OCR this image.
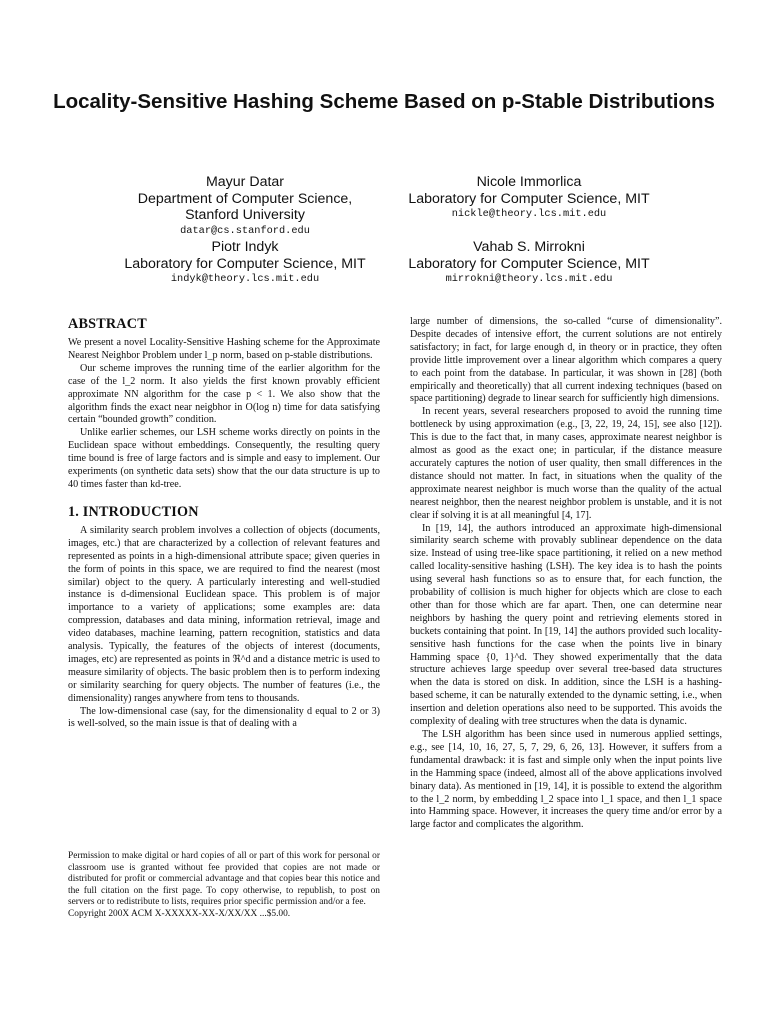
Locality-Sensitive Hashing Scheme Based on p-Stable Distributions
Mayur Datar
Department of Computer Science,
Stanford University
datar@cs.stanford.edu
Nicole Immorlica
Laboratory for Computer Science, MIT
nickle@theory.lcs.mit.edu
Piotr Indyk
Laboratory for Computer Science, MIT
indyk@theory.lcs.mit.edu
Vahab S. Mirrokni
Laboratory for Computer Science, MIT
mirrokni@theory.lcs.mit.edu
ABSTRACT

We present a novel Locality-Sensitive Hashing scheme for the Approximate Nearest Neighbor Problem under l_p norm, based on p-stable distributions.

Our scheme improves the running time of the earlier algorithm for the case of the l_2 norm. It also yields the first known provably efficient approximate NN algorithm for the case p < 1. We also show that the algorithm finds the exact near neigbhor in O(log n) time for data satisfying certain “bounded growth” condition.

Unlike earlier schemes, our LSH scheme works directly on points in the Euclidean space without embeddings. Consequently, the resulting query time bound is free of large factors and is simple and easy to implement. Our experiments (on synthetic data sets) show that the our data structure is up to 40 times faster than kd-tree.

1. INTRODUCTION

A similarity search problem involves a collection of objects (documents, images, etc.) that are characterized by a collection of relevant features and represented as points in a high-dimensional attribute space; given queries in the form of points in this space, we are required to find the nearest (most similar) object to the query. A particularly interesting and well-studied instance is d-dimensional Euclidean space. This problem is of major importance to a variety of applications; some examples are: data compression, databases and data mining, information retrieval, image and video databases, machine learning, pattern recognition, statistics and data analysis. Typically, the features of the objects of interest (documents, images, etc) are represented as points in ℜ^d and a distance metric is used to measure similarity of objects. The basic problem then is to perform indexing or similarity searching for query objects. The number of features (i.e., the dimensionality) ranges anywhere from tens to thousands.

The low-dimensional case (say, for the dimensionality d equal to 2 or 3) is well-solved, so the main issue is that of dealing with a

large number of dimensions, the so-called “curse of dimensionality”. Despite decades of intensive effort, the current solutions are not entirely satisfactory; in fact, for large enough d, in theory or in practice, they often provide little improvement over a linear algorithm which compares a query to each point from the database. In particular, it was shown in [28] (both empirically and theoretically) that all current indexing techniques (based on space partitioning) degrade to linear search for sufficiently high dimensions.

In recent years, several researchers proposed to avoid the running time bottleneck by using approximation (e.g., [3, 22, 19, 24, 15], see also [12]). This is due to the fact that, in many cases, approximate nearest neighbor is almost as good as the exact one; in particular, if the distance measure accurately captures the notion of user quality, then small differences in the distance should not matter. In fact, in situations when the quality of the approximate nearest neighbor is much worse than the quality of the actual nearest neighbor, then the nearest neighbor problem is unstable, and it is not clear if solving it is at all meaningful [4, 17].

In [19, 14], the authors introduced an approximate high-dimensional similarity search scheme with provably sublinear dependence on the data size. Instead of using tree-like space partitioning, it relied on a new method called locality-sensitive hashing (LSH). The key idea is to hash the points using several hash functions so as to ensure that, for each function, the probability of collision is much higher for objects which are close to each other than for those which are far apart. Then, one can determine near neighbors by hashing the query point and retrieving elements stored in buckets containing that point. In [19, 14] the authors provided such locality-sensitive hash functions for the case when the points live in binary Hamming space {0, 1}^d. They showed experimentally that the data structure achieves large speedup over several tree-based data structures when the data is stored on disk. In addition, since the LSH is a hashing-based scheme, it can be naturally extended to the dynamic setting, i.e., when insertion and deletion operations also need to be supported. This avoids the complexity of dealing with tree structures when the data is dynamic.

The LSH algorithm has been since used in numerous applied settings, e.g., see [14, 10, 16, 27, 5, 7, 29, 6, 26, 13]. However, it suffers from a fundamental drawback: it is fast and simple only when the input points live in the Hamming space (indeed, almost all of the above applications involved binary data). As mentioned in [19, 14], it is possible to extend the algorithm to the l_2 norm, by embedding l_2 space into l_1 space, and then l_1 space into Hamming space. However, it increases the query time and/or error by a large factor and complicates the algorithm.

Permission to make digital or hard copies of all or part of this work for personal or classroom use is granted without fee provided that copies are not made or distributed for profit or commercial advantage and that copies bear this notice and the full citation on the first page. To copy otherwise, to republish, to post on servers or to redistribute to lists, requires prior specific permission and/or a fee.

Copyright 200X ACM X-XXXXX-XX-X/XX/XX ...$5.00.
